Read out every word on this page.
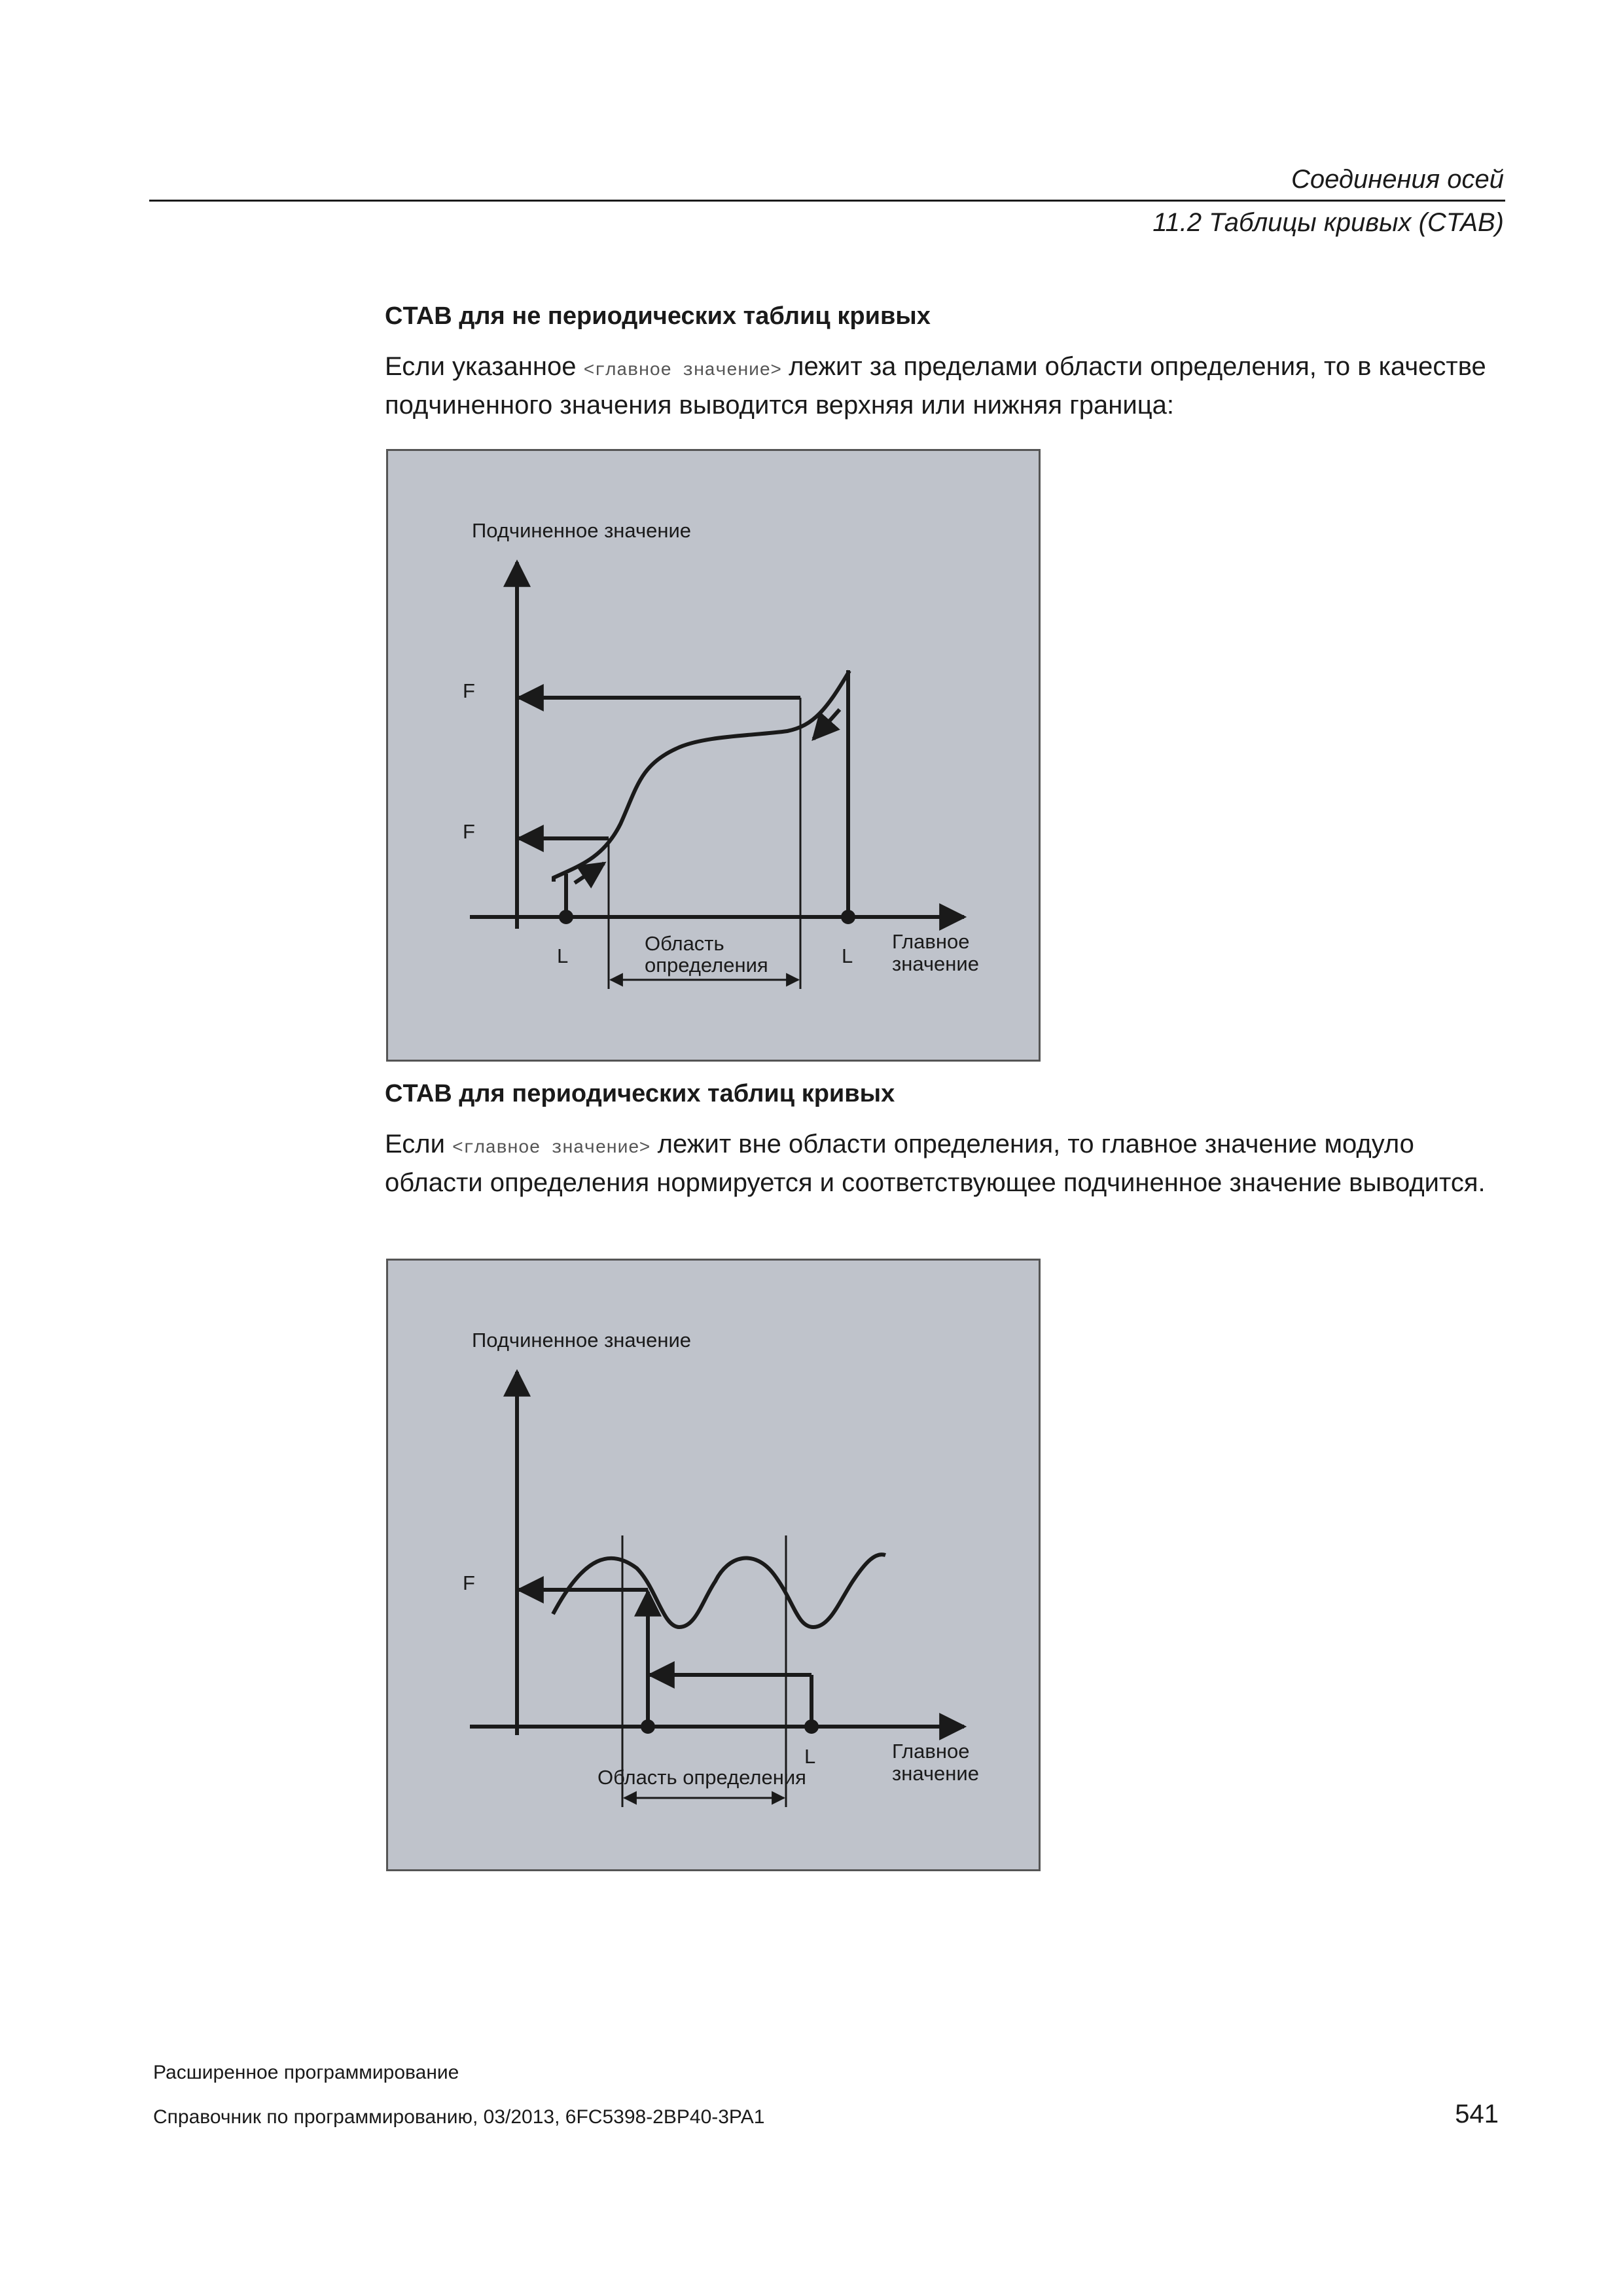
Соединения осей
11.2 Таблицы кривых (CTAB)
CTAB для не периодических таблиц кривых
Если указанное <главное значение> лежит за пределами области определения, то в качестве подчиненного значения выводится верхняя или нижняя граница:
Подчиненное значение
F
F
L	L
Область
определения
Главное
значение
CTAB для периодических таблиц кривых
Если <главное значение> лежит вне области определения, то главное значение модуло области определения нормируется и соответствующее подчиненное значение выводится.
Подчиненное значение
F
L
Область определения
Главное
значение
Расширенное программирование
Справочник по программированию, 03/2013, 6FC5398-2BP40-3PA1	541
